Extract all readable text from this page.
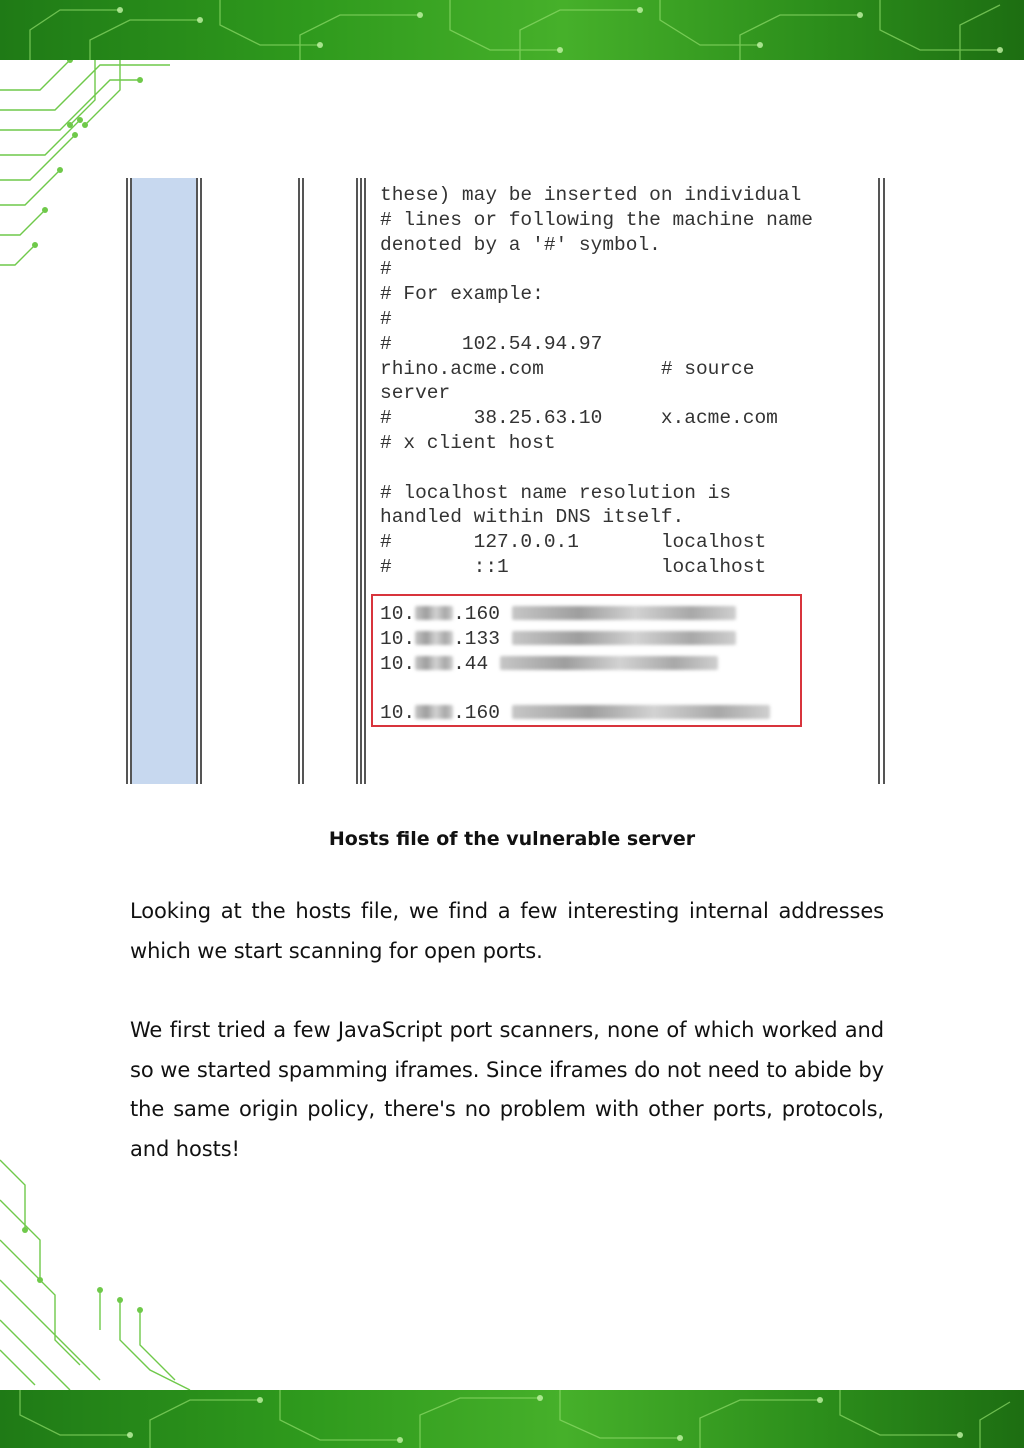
these) may be inserted on individual
# lines or following the machine name
denoted by a '#' symbol.
#
# For example:
#
#      102.54.94.97
rhino.acme.com          # source
server
#       38.25.63.10     x.acme.com
# x client host

# localhost name resolution is
handled within DNS itself.
#       127.0.0.1       localhost
#       ::1             localhost
10. .160
10. .133
10. .44

10. .160
Hosts file of the vulnerable server

Looking at the hosts file, we find a few interesting internal addresses which we start scanning for open ports.

We first tried a few JavaScript port scanners, none of which worked and so we started spamming iframes. Since iframes do not need to abide by the same origin policy, there's no problem with other ports, protocols, and hosts!
